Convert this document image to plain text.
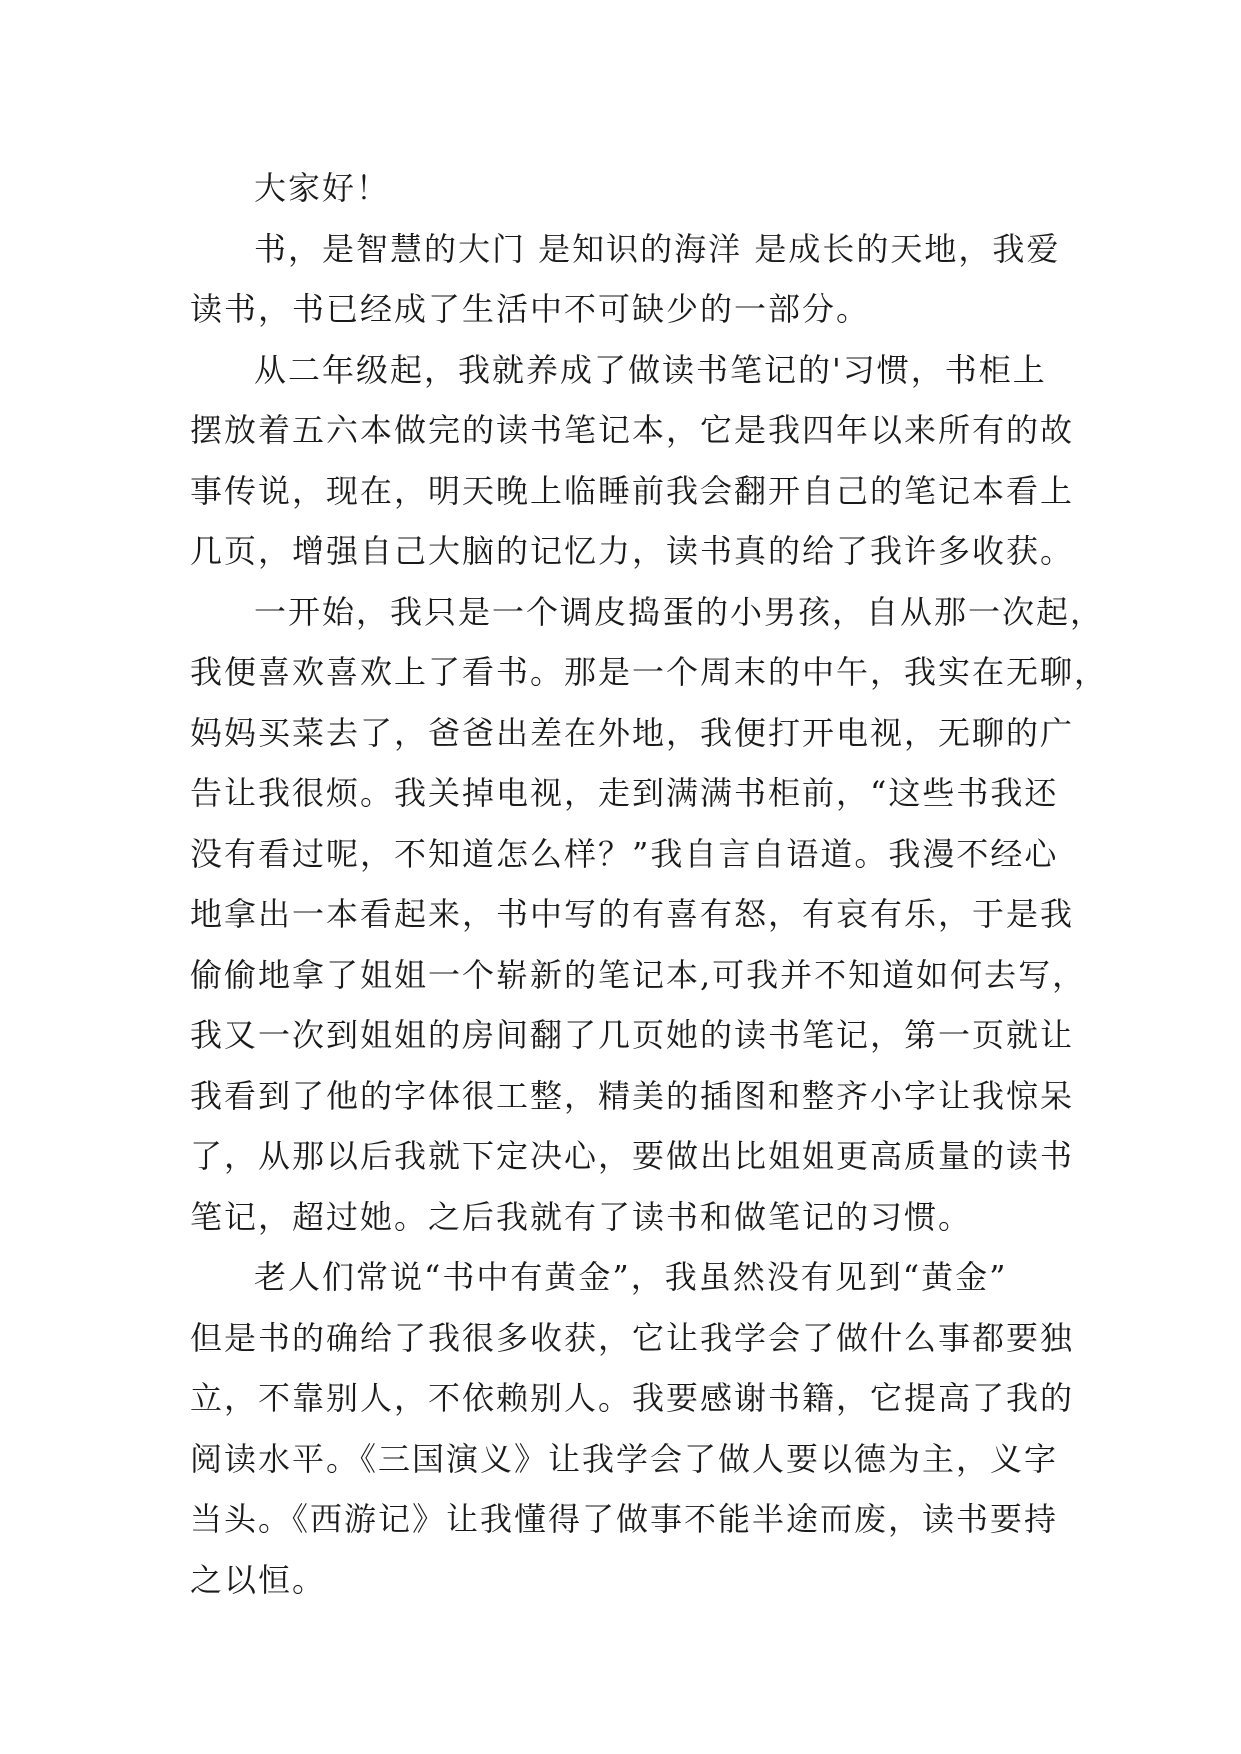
大家好！
书，是智慧的大门 是知识的海洋 是成长的天地，我爱
读书，书已经成了生活中不可缺少的一部分。
从二年级起，我就养成了做读书笔记的'习惯，书柜上
摆放着五六本做完的读书笔记本，它是我四年以来所有的故
事传说，现在，明天晚上临睡前我会翻开自己的笔记本看上
几页，增强自己大脑的记忆力，读书真的给了我许多收获。
一开始，我只是一个调皮捣蛋的小男孩，自从那一次起，
我便喜欢喜欢上了看书。那是一个周末的中午，我实在无聊，
妈妈买菜去了，爸爸出差在外地，我便打开电视，无聊的广
告让我很烦。我关掉电视，走到满满书柜前，“这些书我还
没有看过呢，不知道怎么样？”我自言自语道。我漫不经心
地拿出一本看起来，书中写的有喜有怒，有哀有乐，于是我
偷偷地拿了姐姐一个崭新的笔记本,可我并不知道如何去写，
我又一次到姐姐的房间翻了几页她的读书笔记，第一页就让
我看到了他的字体很工整，精美的插图和整齐小字让我惊呆
了，从那以后我就下定决心，要做出比姐姐更高质量的读书
笔记，超过她。之后我就有了读书和做笔记的习惯。
老人们常说“书中有黄金”，我虽然没有见到“黄金”
但是书的确给了我很多收获，它让我学会了做什么事都要独
立，不靠别人，不依赖别人。我要感谢书籍，它提高了我的
阅读水平。《三国演义》让我学会了做人要以德为主，义字
当头。《西游记》让我懂得了做事不能半途而废，读书要持
之以恒。
